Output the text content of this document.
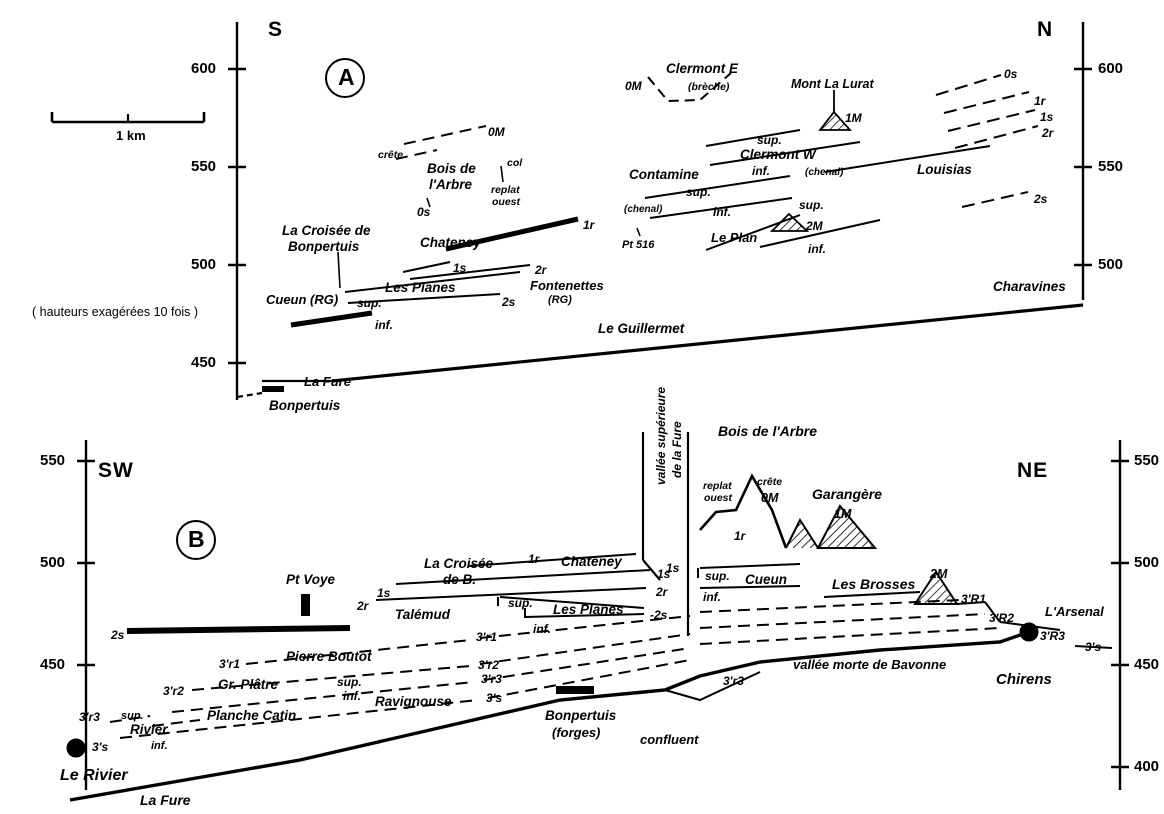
600
550
500
450
600
550
500
S	N
A
550
500
450
550
500
450
400
SW	NE
B
1 km
( hauteurs exagérées 10 fois )
Clermont E
(brèche)
0M	Mont La Lurat
1M
0s
1r
1s
2r
2s
0M
crête
Bois de
l'Arbre
col
replat
ouest
0s
sup.
Clermont W
inf.	(chenal)
Contamine
sup.
(chenal)	inf.	sup.
Louisias
2M
Le Plan
inf.
Pt 516
1r
Chateney
La Croisée de
Bonpertuis
1s	2r
Fontenettes
(RG)
Les Planes
Cueun (RG) sup.	2s
inf.
Charavines
Le Guillermet
La Fure
Bonpertuis
Bois de l'Arbre
crête
0M
replat
ouest	Garangère
1M
vallée supérieure de la Fure
1r
1s
1r Chateney
La Croisée
de B.	1s	2M
Les Brosses
sup. Cueun
inf.
2r
1s
Pt Voye
2r
Talémud
sup. Les Planes -2s
3'R1
3'R2 L'Arsenal
inf.
2s	3'R3
3's
3'r1
Pierre Boutot
3'r1	3'r2	vallée morte de Bavonne
Gr. Plâtre
3'r2
sup.	3'r3	Chirens
inf. Ravignouse	3's
3'r3
Planche Catin
3'r3	Bonpertuis
Rivier
sup.
inf.
(forges)	confluent
3's
Le Rivier
La Fure
